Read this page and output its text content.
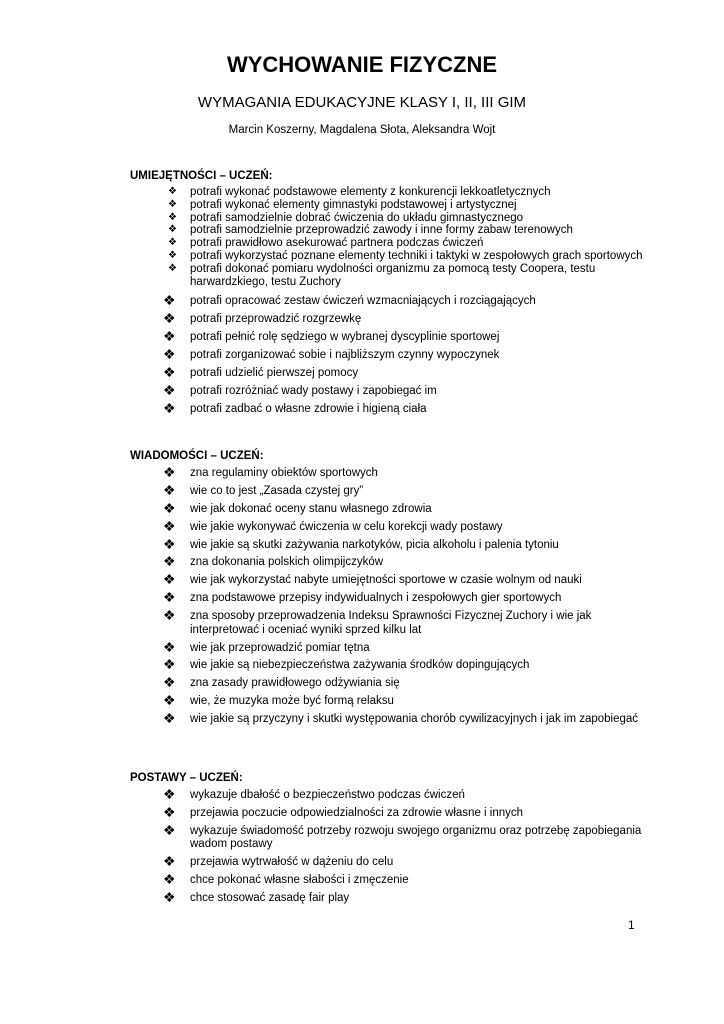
WYCHOWANIE FIZYCZNE
WYMAGANIA EDUKACYJNE KLASY I, II, III GIM
Marcin Koszerny, Magdalena Słota, Aleksandra Wojt
UMIEJĘTNOŚCI – UCZEŃ:
❖ potrafi wykonać podstawowe elementy z konkurencji lekkoatletycznych
❖ potrafi wykonać elementy gimnastyki podstawowej i artystycznej
❖ potrafi samodzielnie dobrać ćwiczenia do układu gimnastycznego
❖ potrafi samodzielnie przeprowadzić zawody i inne formy zabaw terenowych
❖ potrafi prawidłowo asekurować partnera podczas ćwiczeń
❖ potrafi wykorzystać poznane elementy techniki i taktyki w zespołowych grach sportowych
❖ potrafi dokonać pomiaru wydolności organizmu za pomocą testy Coopera, testu harwardzkiego, testu Zuchory
❖ potrafi opracować zestaw ćwiczeń wzmacniających i rozciągających
❖ potrafi przeprowadzić rozgrzewkę
❖ potrafi pełnić rolę sędziego w wybranej dyscyplinie sportowej
❖ potrafi zorganizować sobie i najbliższym czynny wypoczynek
❖ potrafi udzielić pierwszej pomocy
❖ potrafi rozróżniać wady postawy i zapobiegać im
❖ potrafi zadbać o własne zdrowie i higieną ciała
WIADOMOŚCI – UCZEŃ:
❖ zna regulaminy obiektów sportowych
❖ wie co to jest „Zasada czystej gry”
❖ wie jak dokonać oceny stanu własnego zdrowia
❖ wie jakie wykonywać ćwiczenia w celu korekcji wady postawy
❖ wie jakie są skutki zażywania narkotyków, picia alkoholu i palenia tytoniu
❖ zna dokonania polskich olimpijczyków
❖ wie jak wykorzystać nabyte umiejętności sportowe w czasie wolnym od nauki
❖ zna podstawowe przepisy indywidualnych i zespołowych gier sportowych
❖ zna sposoby przeprowadzenia Indeksu Sprawności Fizycznej Zuchory i wie jak interpretować i oceniać wyniki sprzed kilku lat
❖ wie jak przeprowadzić pomiar tętna
❖ wie jakie są niebezpieczeństwa zażywania środków dopingujących
❖ zna zasady prawidłowego odżywiania się
❖ wie, że muzyka może być formą relaksu
❖ wie jakie są przyczyny i skutki występowania chorób cywilizacyjnych i jak im zapobiegać
POSTAWY – UCZEŃ:
❖ wykazuje dbałość o bezpieczeństwo podczas ćwiczeń
❖ przejawia poczucie odpowiedzialności za zdrowie własne i innych
❖ wykazuje świadomość potrzeby rozwoju swojego organizmu oraz potrzebę zapobiegania wadom postawy
❖ przejawia wytrwałość w dążeniu do celu
❖ chce pokonać własne słabości i zmęczenie
❖ chce stosować zasadę fair play
1
